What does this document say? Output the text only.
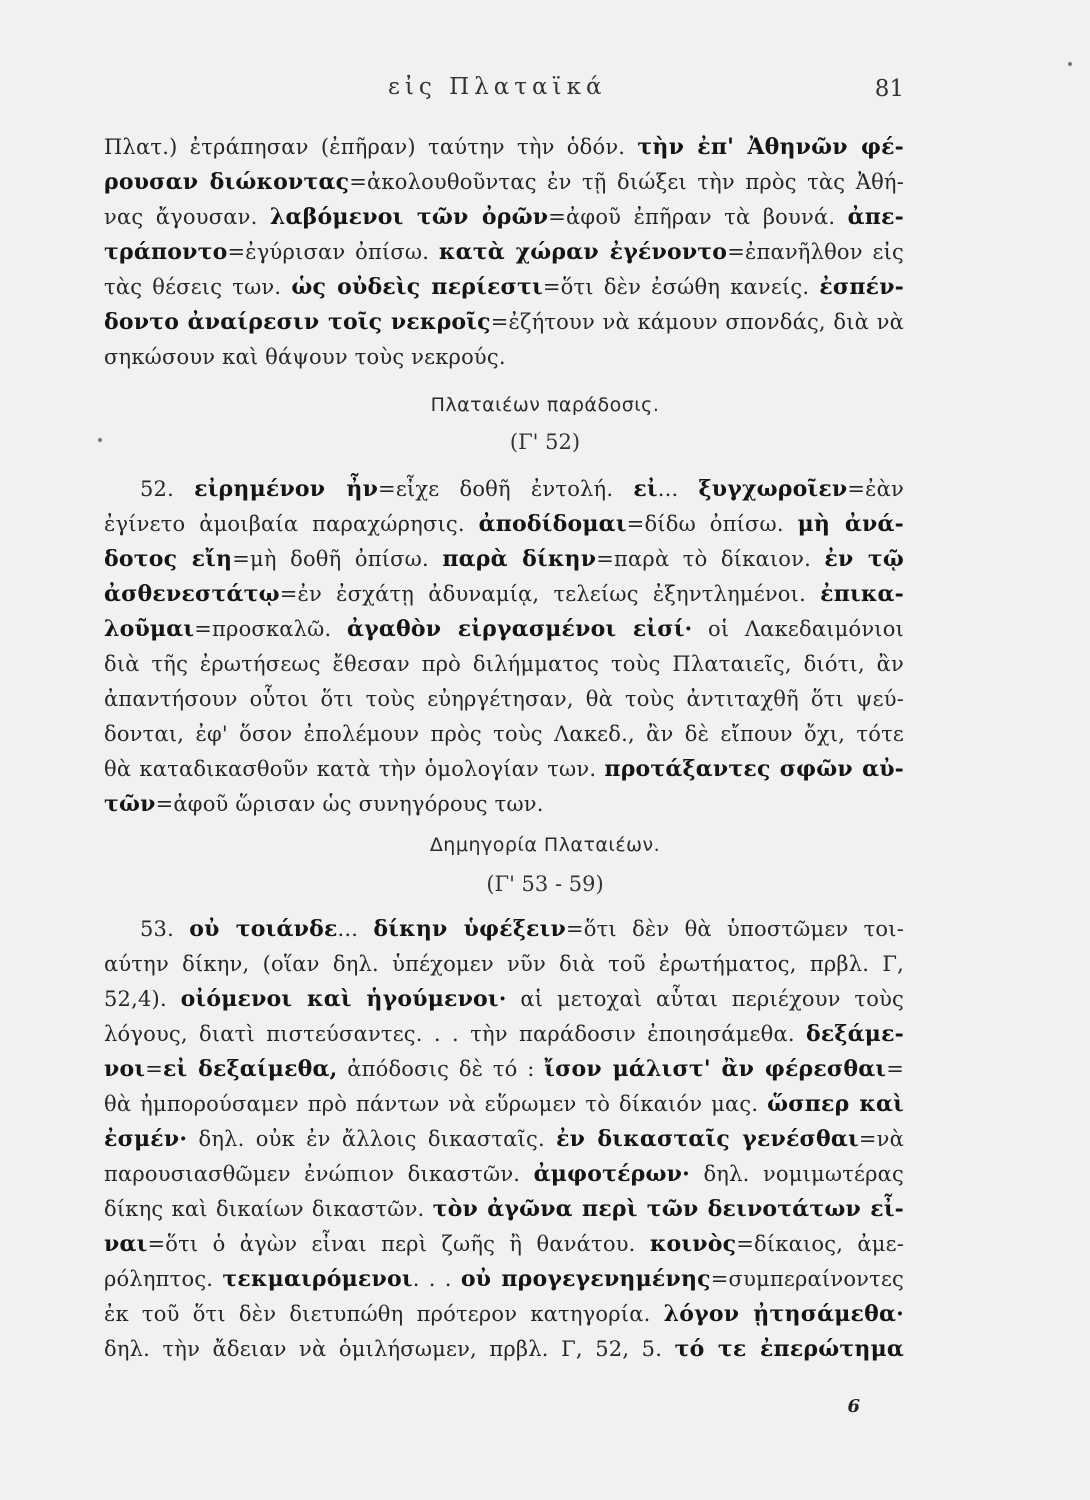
εἰς Πλαταϊκά	81
Πλατ.) ἐτράπησαν (ἐπῆραν) ταύτην τὴν ὁδόν. τὴν ἐπ' Ἀθηνῶν φέ-
ρουσαν διώκοντας=ἀκολουθοῦντας ἐν τῇ διώξει τὴν πρὸς τὰς Ἀθή-
νας ἄγουσαν. λαβόμενοι τῶν ὀρῶν=ἀφοῦ ἐπῆραν τὰ βουνά. ἀπε-
τράποντο=ἐγύρισαν ὀπίσω. κατὰ χώραν ἐγένοντο=ἐπανῆλθον εἰς
τὰς θέσεις των. ὡς οὐδεὶς περίεστι=ὅτι δὲν ἐσώθη κανείς. ἐσπέν-
δοντο ἀναίρεσιν τοῖς νεκροῖς=ἐζήτουν νὰ κάμουν σπονδάς, διὰ νὰ
σηκώσουν καὶ θάψουν τοὺς νεκρούς.
Πλαταιέων παράδοσις.
(Γ' 52)
52. εἰρημένον ἦν=εἶχε δοθῆ ἐντολή. εἰ... ξυγχωροῖεν=ἐὰν
ἐγίνετο ἀμοιβαία παραχώρησις. ἀποδίδομαι=δίδω ὀπίσω. μὴ ἀνά-
δοτος εἴη=μὴ δοθῆ ὀπίσω. παρὰ δίκην=παρὰ τὸ δίκαιον. ἐν τῷ
ἀσθενεστάτῳ=ἐν ἐσχάτῃ ἀδυναμίᾳ, τελείως ἐξηντλημένοι. ἐπικα-
λοῦμαι=προσκαλῶ. ἀγαθὸν εἰργασμένοι εἰσί· οἱ Λακεδαιμόνιοι
διὰ τῆς ἐρωτήσεως ἔθεσαν πρὸ διλήμματος τοὺς Πλαταιεῖς, διότι, ἂν
ἀπαντήσουν οὗτοι ὅτι τοὺς εὐηργέτησαν, θὰ τοὺς ἀντιταχθῆ ὅτι ψεύ-
δονται, ἐφ' ὅσον ἐπολέμουν πρὸς τοὺς Λακεδ., ἂν δὲ εἴπουν ὄχι, τότε
θὰ καταδικασθοῦν κατὰ τὴν ὁμολογίαν των. προτάξαντες σφῶν αὐ-
τῶν=ἀφοῦ ὥρισαν ὡς συνηγόρους των.
Δημηγορία Πλαταιέων.
(Γ' 53 - 59)
53. οὐ τοιάνδε... δίκην ὑφέξειν=ὅτι δὲν θὰ ὑποστῶμεν τοι-
αύτην δίκην, (οἵαν δηλ. ὑπέχομεν νῦν διὰ τοῦ ἐρωτήματος, πρβλ. Γ,
52,4). οἰόμενοι καὶ ἡγούμενοι· αἱ μετοχαὶ αὗται περιέχουν τοὺς
λόγους, διατὶ πιστεύσαντες. . . τὴν παράδοσιν ἐποιησάμεθα. δεξάμε-
νοι=εἰ δεξαίμεθα, ἀπόδοσις δὲ τό : ἴσον μάλιστ' ἂν φέρεσθαι=
θὰ ἠμπορούσαμεν πρὸ πάντων νὰ εὕρωμεν τὸ δίκαιόν μας. ὥσπερ καὶ
ἐσμέν· δηλ. οὐκ ἐν ἄλλοις δικασταῖς. ἐν δικασταῖς γενέσθαι=νὰ
παρουσιασθῶμεν ἐνώπιον δικαστῶν. ἀμφοτέρων· δηλ. νομιμωτέρας
δίκης καὶ δικαίων δικαστῶν. τὸν ἀγῶνα περὶ τῶν δεινοτάτων εἶ-
ναι=ὅτι ὁ ἀγὼν εἶναι περὶ ζωῆς ἢ θανάτου. κοινὸς=δίκαιος, ἀμε-
ρόληπτος. τεκμαιρόμενοι. . . οὐ προγεγενημένης=συμπεραίνοντες
ἐκ τοῦ ὅτι δὲν διετυπώθη πρότερον κατηγορία. λόγον ᾐτησάμεθα·
δηλ. τὴν ἄδειαν νὰ ὁμιλήσωμεν, πρβλ. Γ, 52, 5. τό τε ἐπερώτημα
6
